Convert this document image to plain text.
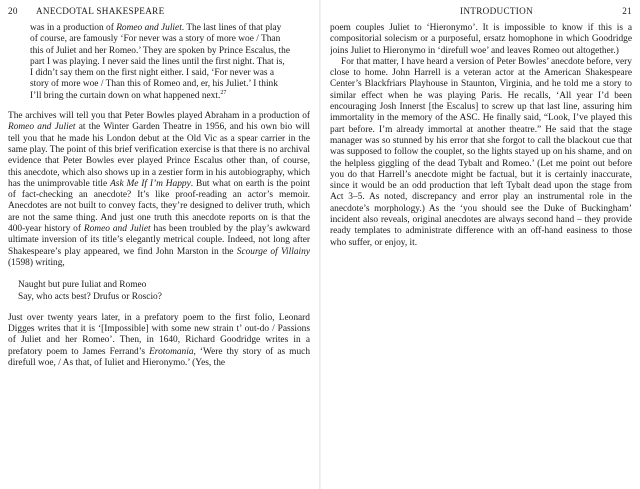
20 ANECDOTAL SHAKESPEARE

was in a production of Romeo and Juliet. The last lines of that play of course, are famously ‘For never was a story of more woe / Than this of Juliet and her Romeo.’ They are spoken by Prince Escalus, the part I was playing. I never said the lines until the first night. That is, I didn’t say them on the first night either. I said, ‘For never was a story of more woe / Than this of Romeo and, er, his Juliet.’ I think I’ll bring the curtain down on what happened next.$^{27}$

The archives will tell you that Peter Bowles played Abraham in a production of Romeo and Juliet at the Winter Garden Theatre in 1956, and his own bio will tell you that he made his London debut at the Old Vic as a spear carrier in the same play. The point of this brief verification exercise is that there is no archival evidence that Peter Bowles ever played Prince Escalus other than, of course, this anecdote, which also shows up in a zestier form in his autobiography, which has the unimprovable title Ask Me If I’m Happy. But what on earth is the point of fact-checking an anecdote? It’s like proof-reading an actor’s memoir. Anecdotes are not built to convey facts, they’re designed to deliver truth, which are not the same thing. And just one truth this anecdote reports on is that the 400-year history of Romeo and Juliet has been troubled by the play’s awkward ultimate inversion of its title’s elegantly metrical couple. Indeed, not long after Shakespeare’s play appeared, we find John Marston in the Scourge of Villainy (1598) writing,

Naught but pure Iuliat and Romeo
Say, who acts best? Drufus or Roscio?

Just over twenty years later, in a prefatory poem to the first folio, Leonard Digges writes that it is ‘[Impossible] with some new strain t’ out-do / Passions of Juliet and her Romeo’. Then, in 1640, Richard Goodridge writes in a prefatory poem to James Ferrand’s Erotomania, ‘Were thy story of as much direfull woe, / As that, of Iuliet and Hieronymo.’ (Yes, the

INTRODUCTION	21

poem couples Juliet to ‘Hieronymo’. It is impossible to know if this is a compositorial solecism or a purposeful, ersatz homophone in which Goodridge joins Juliet to Hieronymo in ‘direfull woe’ and leaves Romeo out altogether.)

For that matter, I have heard a version of Peter Bowles’ anecdote before, very close to home. John Harrell is a veteran actor at the American Shakespeare Center’s Blackfriars Playhouse in Staunton, Virginia, and he told me a story to similar effect when he was playing Paris. He recalls, ‘All year I’d been encouraging Josh Innerst [the Escalus] to screw up that last line, assuring him immortality in the memory of the ASC. He finally said, “Look, I’ve played this part before. I’m already immortal at another theatre.” He said that the stage manager was so stunned by his error that she forgot to call the blackout cue that was supposed to follow the couplet, so the lights stayed up on his shame, and on the helpless giggling of the dead Tybalt and Romeo.’ (Let me point out before you do that Harrell’s anecdote might be factual, but it is certainly inaccurate, since it would be an odd production that left Tybalt dead upon the stage from Act 3–5. As noted, discrepancy and error play an instrumental role in the anecdote’s morphology.) As the ‘you should see the Duke of Buckingham’ incident also reveals, original anecdotes are always second hand – they provide ready templates to administrate difference with an off-hand easiness to those who suffer, or enjoy, it.
